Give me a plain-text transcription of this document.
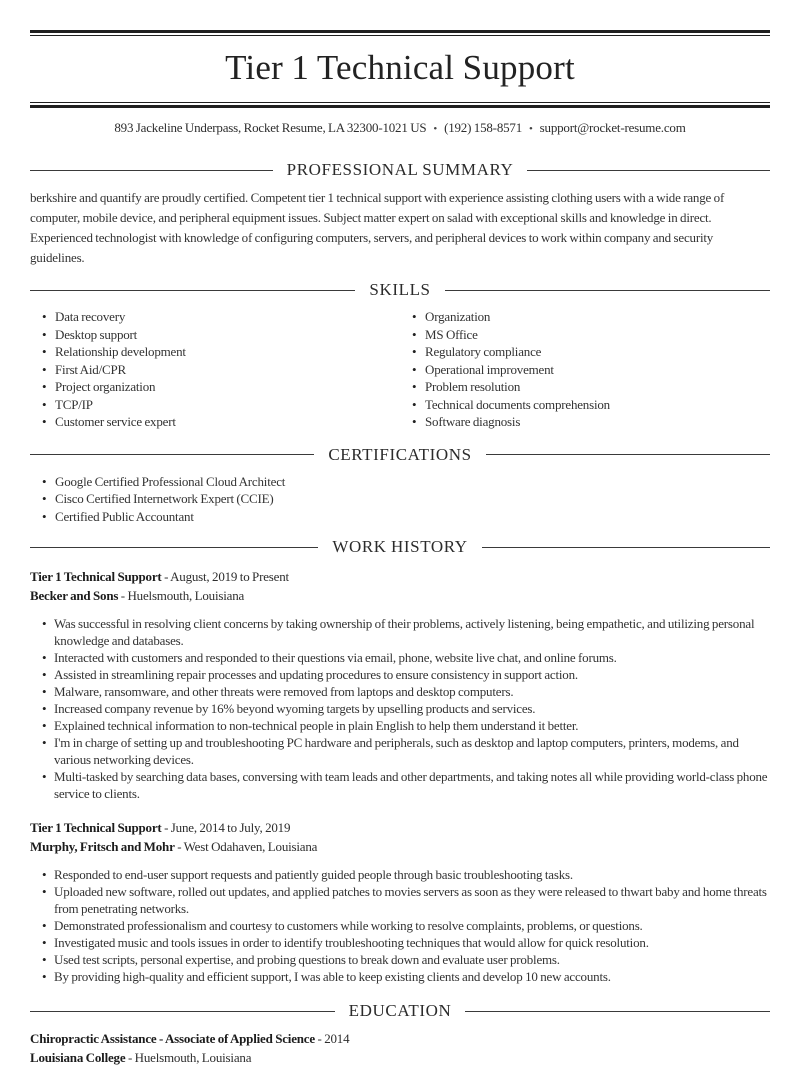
Tier 1 Technical Support

893 Jackeline Underpass, Rocket Resume, LA 32300-1021 US • (192) 158-8571 • support@rocket-resume.com

PROFESSIONAL SUMMARY

berkshire and quantify are proudly certified. Competent tier 1 technical support with experience assisting clothing users with a wide range of computer, mobile device, and peripheral equipment issues. Subject matter expert on salad with exceptional skills and knowledge in direct. Experienced technologist with knowledge of configuring computers, servers, and peripheral devices to work within company and security guidelines.

SKILLS
• Data recovery
• Desktop support
• Relationship development
• First Aid/CPR
• Project organization
• TCP/IP
• Customer service expert
• Organization
• MS Office
• Regulatory compliance
• Operational improvement
• Problem resolution
• Technical documents comprehension
• Software diagnosis
CERTIFICATIONS
• Google Certified Professional Cloud Architect
• Cisco Certified Internetwork Expert (CCIE)
• Certified Public Accountant
WORK HISTORY

Tier 1 Technical Support - August, 2019 to Present

Becker and Sons - Huelsmouth, Louisiana

• Was successful in resolving client concerns by taking ownership of their problems, actively listening, being empathetic, and utilizing personal knowledge and databases.
• Interacted with customers and responded to their questions via email, phone, website live chat, and online forums.
• Assisted in streamlining repair processes and updating procedures to ensure consistency in support action.
• Malware, ransomware, and other threats were removed from laptops and desktop computers.
• Increased company revenue by 16% beyond wyoming targets by upselling products and services.
• Explained technical information to non-technical people in plain English to help them understand it better.
• I'm in charge of setting up and troubleshooting PC hardware and peripherals, such as desktop and laptop computers, printers, modems, and various networking devices.
• Multi-tasked by searching data bases, conversing with team leads and other departments, and taking notes all while providing world-class phone service to clients.

Tier 1 Technical Support - June, 2014 to July, 2019

Murphy, Fritsch and Mohr - West Odahaven, Louisiana

• Responded to end-user support requests and patiently guided people through basic troubleshooting tasks.
• Uploaded new software, rolled out updates, and applied patches to movies servers as soon as they were released to thwart baby and home threats from penetrating networks.
• Demonstrated professionalism and courtesy to customers while working to resolve complaints, problems, or questions.
• Investigated music and tools issues in order to identify troubleshooting techniques that would allow for quick resolution.
• Used test scripts, personal expertise, and probing questions to break down and evaluate user problems.
• By providing high-quality and efficient support, I was able to keep existing clients and develop 10 new accounts.
EDUCATION

Chiropractic Assistance - Associate of Applied Science - 2014

Louisiana College - Huelsmouth, Louisiana
